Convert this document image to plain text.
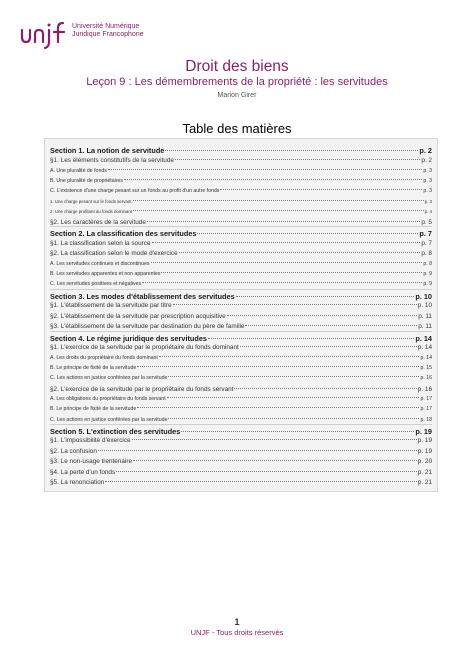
Université Numérique
Juridique Francophone
Droit des biens
Leçon 9 : Les démembrements de la propriété : les servitudes
Marion Girer
Table des matières
Section 1. La notion de servitude	p. 2
§1. Les éléments constitutifs de la servitude	p. 2
A. Une pluralité de fonds	p. 3
B. Une pluralité de propriétaires	p. 3
C. L'existence d'une charge pesant sur un fonds au profit d'un autre fonds	p. 3
1. Une charge pesant sur le fonds servant	p. 3
2. Une charge profitant au fonds dominant	p. 4
§2. Les caractères de la servitude	p. 5
Section 2. La classification des servitudes	p. 7
§1. La classification selon la source	p. 7
§2. La classification selon le mode d'exercice	p. 8
A. Les servitudes continues et discontinues	p. 8
B. Les servitudes apparentes et non apparentes	p. 9
C. Les servitudes positives et négatives	p. 9
Section 3. Les modes d'établissement des servitudes	p. 10
§1. L'établissement de la servitude par titre	p. 10
§2. L'établissement de la servitude par prescription acquisitive	p. 11
§3. L'établissement de la servitude par destination du père de famille	p. 11
Section 4. Le régime juridique des servitudes	p. 14
§1. L'exercice de la servitude par le propriétaire du fonds dominant	p. 14
A. Les droits du propriétaire du fonds dominant	p. 14
B. Le principe de fixité de la servitude	p. 15
C. Les actions en justice conférées par la servitude	p. 16
§2. L'exercice de la servitude par le propriétaire du fonds servant	p. 16
A. Les obligations du propriétaire du fonds servant	p. 17
B. Le principe de fixité de la servitude	p. 17
C. Les actions en justice conférées par la servitude	p. 18
Section 5. L'extinction des servitudes	p. 19
§1. L'impossibilité d'exercice	p. 19
§2. La confusion	p. 19
§3. Le non-usage trentenaire	p. 20
§4. La perte d'un fonds	p. 21
§5. La renonciation	p. 21
1
UNJF - Tous droits réservés
